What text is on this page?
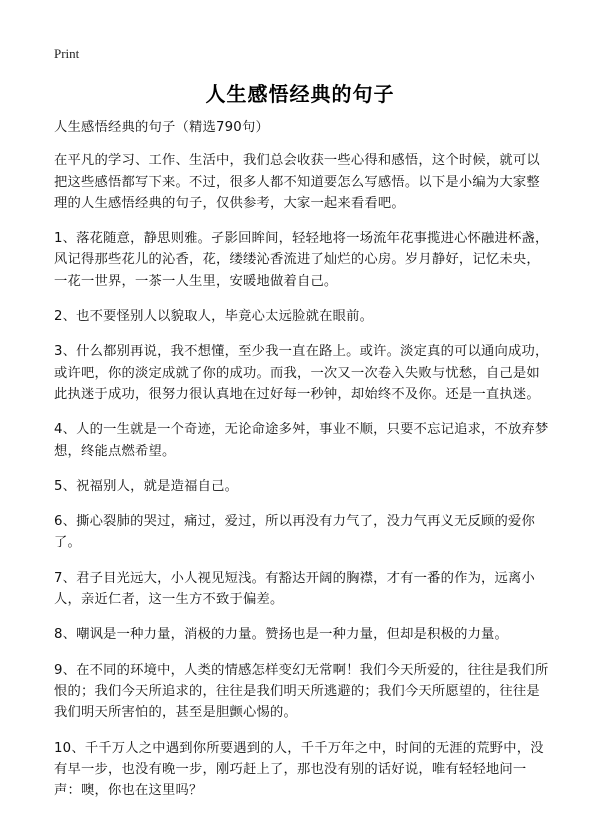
Print
人生感悟经典的句子

人生感悟经典的句子（精选790句）

在平凡的学习、工作、生活中，我们总会收获一些心得和感悟，这个时候，就可以把这些感悟都写下来。不过，很多人都不知道要怎么写感悟。以下是小编为大家整理的人生感悟经典的句子，仅供参考，大家一起来看看吧。

1、落花随意，静思则雅。孑影回眸间，轻轻地将一场流年花事揽进心怀融进杯盏，风记得那些花儿的沁香，花，缕缕沁香流进了灿烂的心房。岁月静好，记忆未央，一花一世界，一茶一人生里，安暖地做着自己。

2、也不要怪别人以貌取人，毕竟心太远脸就在眼前。

3、什么都别再说，我不想懂，至少我一直在路上。或许。淡定真的可以通向成功，或许吧，你的淡定成就了你的成功。而我，一次又一次卷入失败与忧愁，自己是如此执迷于成功，很努力很认真地在过好每一秒钟，却始终不及你。还是一直执迷。

4、人的一生就是一个奇迹，无论命途多舛，事业不顺，只要不忘记追求，不放弃梦想，终能点燃希望。

5、祝福别人，就是造福自己。

6、撕心裂肺的哭过，痛过，爱过，所以再没有力气了，没力气再义无反顾的爱你了。

7、君子目光远大，小人视见短浅。有豁达开阔的胸襟，才有一番的作为，远离小人，亲近仁者，这一生方不致于偏差。

8、嘲讽是一种力量，消极的力量。赞扬也是一种力量，但却是积极的力量。

9、在不同的环境中，人类的情感怎样变幻无常啊！我们今天所爱的，往往是我们所恨的；我们今天所追求的，往往是我们明天所逃避的；我们今天所愿望的，往往是我们明天所害怕的，甚至是胆颤心惕的。

10、千千万人之中遇到你所要遇到的人，千千万年之中，时间的无涯的荒野中，没有早一步，也没有晚一步，刚巧赶上了，那也没有别的话好说，唯有轻轻地问一声：噢，你也在这里吗？
